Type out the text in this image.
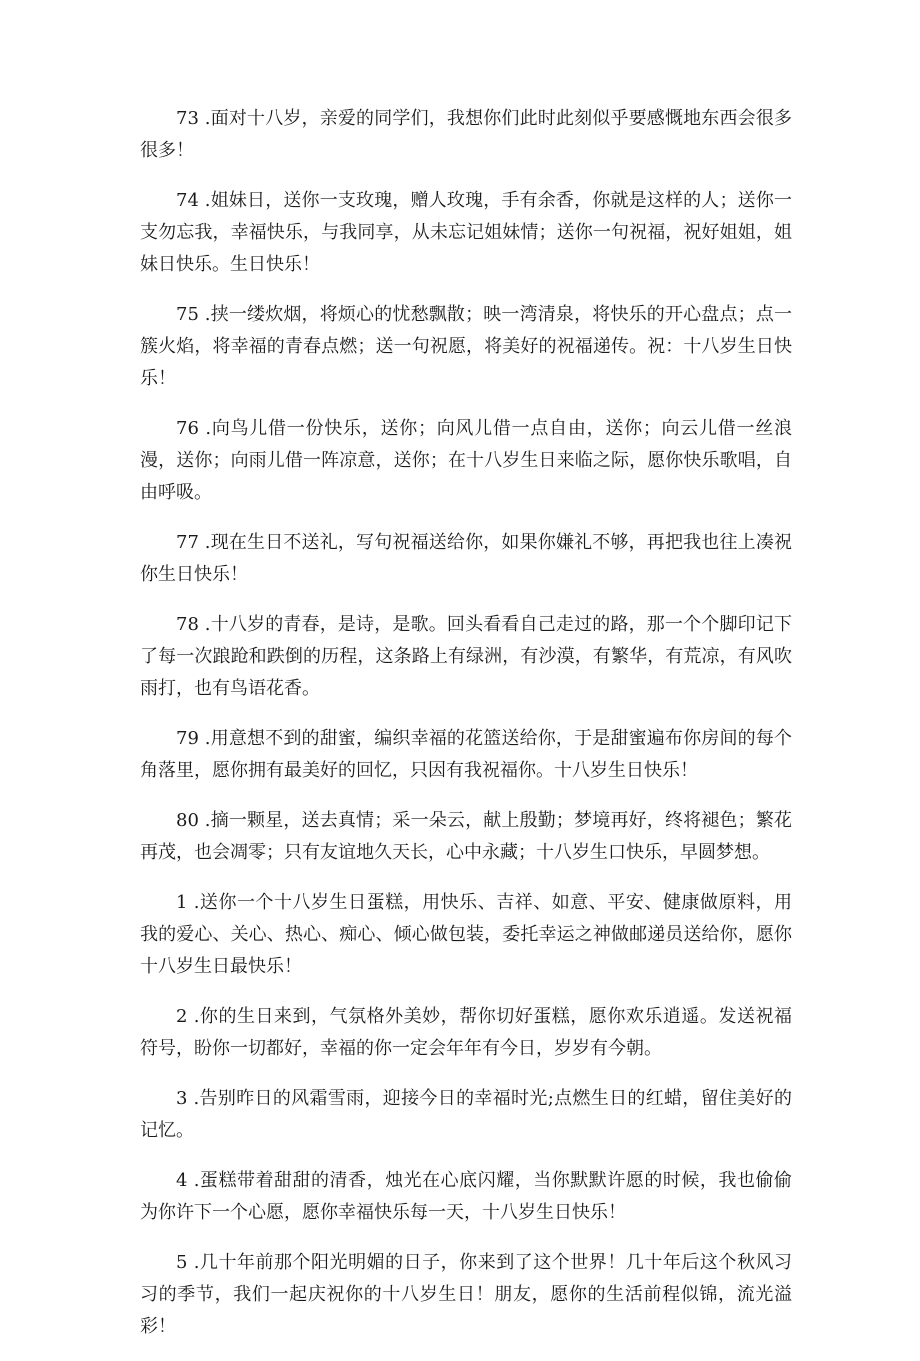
73 .面对十八岁，亲爱的同学们，我想你们此时此刻似乎要感慨地东西会很多很多！

74 .姐妹日，送你一支玫瑰，赠人玫瑰，手有余香，你就是这样的人；送你一支勿忘我，幸福快乐，与我同享，从未忘记姐妹情；送你一句祝福，祝好姐姐，姐妹日快乐。生日快乐！

75 .挟一缕炊烟，将烦心的忧愁飘散；映一湾清泉，将快乐的开心盘点；点一簇火焰，将幸福的青春点燃；送一句祝愿，将美好的祝福递传。祝：十八岁生日快乐！

76 .向鸟儿借一份快乐，送你；向风儿借一点自由，送你；向云儿借一丝浪漫，送你；向雨儿借一阵凉意，送你；在十八岁生日来临之际，愿你快乐歌唱，自由呼吸。

77 .现在生日不送礼，写句祝福送给你，如果你嫌礼不够，再把我也往上凑祝你生日快乐！

78 .十八岁的青春，是诗，是歌。回头看看自己走过的路，那一个个脚印记下了每一次踉跄和跌倒的历程，这条路上有绿洲，有沙漠，有繁华，有荒凉，有风吹雨打，也有鸟语花香。

79 .用意想不到的甜蜜，编织幸福的花篮送给你，于是甜蜜遍布你房间的每个角落里，愿你拥有最美好的回忆，只因有我祝福你。十八岁生日快乐！

80 .摘一颗星，送去真情；采一朵云，献上殷勤；梦境再好，终将褪色；繁花再茂，也会凋零；只有友谊地久天长，心中永藏；十八岁生口快乐，早圆梦想。

1 .送你一个十八岁生日蛋糕，用快乐、吉祥、如意、平安、健康做原料，用我的爱心、关心、热心、痴心、倾心做包装，委托幸运之神做邮递员送给你，愿你十八岁生日最快乐！

2 .你的生日来到，气氛格外美妙，帮你切好蛋糕，愿你欢乐逍遥。发送祝福符号，盼你一切都好，幸福的你一定会年年有今日，岁岁有今朝。

3 .告别昨日的风霜雪雨，迎接今日的幸福时光;点燃生日的红蜡，留住美好的记忆。

4 .蛋糕带着甜甜的清香，烛光在心底闪耀，当你默默许愿的时候，我也偷偷为你许下一个心愿，愿你幸福快乐每一天，十八岁生日快乐！

5 .几十年前那个阳光明媚的日子，你来到了这个世界！几十年后这个秋风习习的季节，我们一起庆祝你的十八岁生日！朋友，愿你的生活前程似锦，流光溢彩！
